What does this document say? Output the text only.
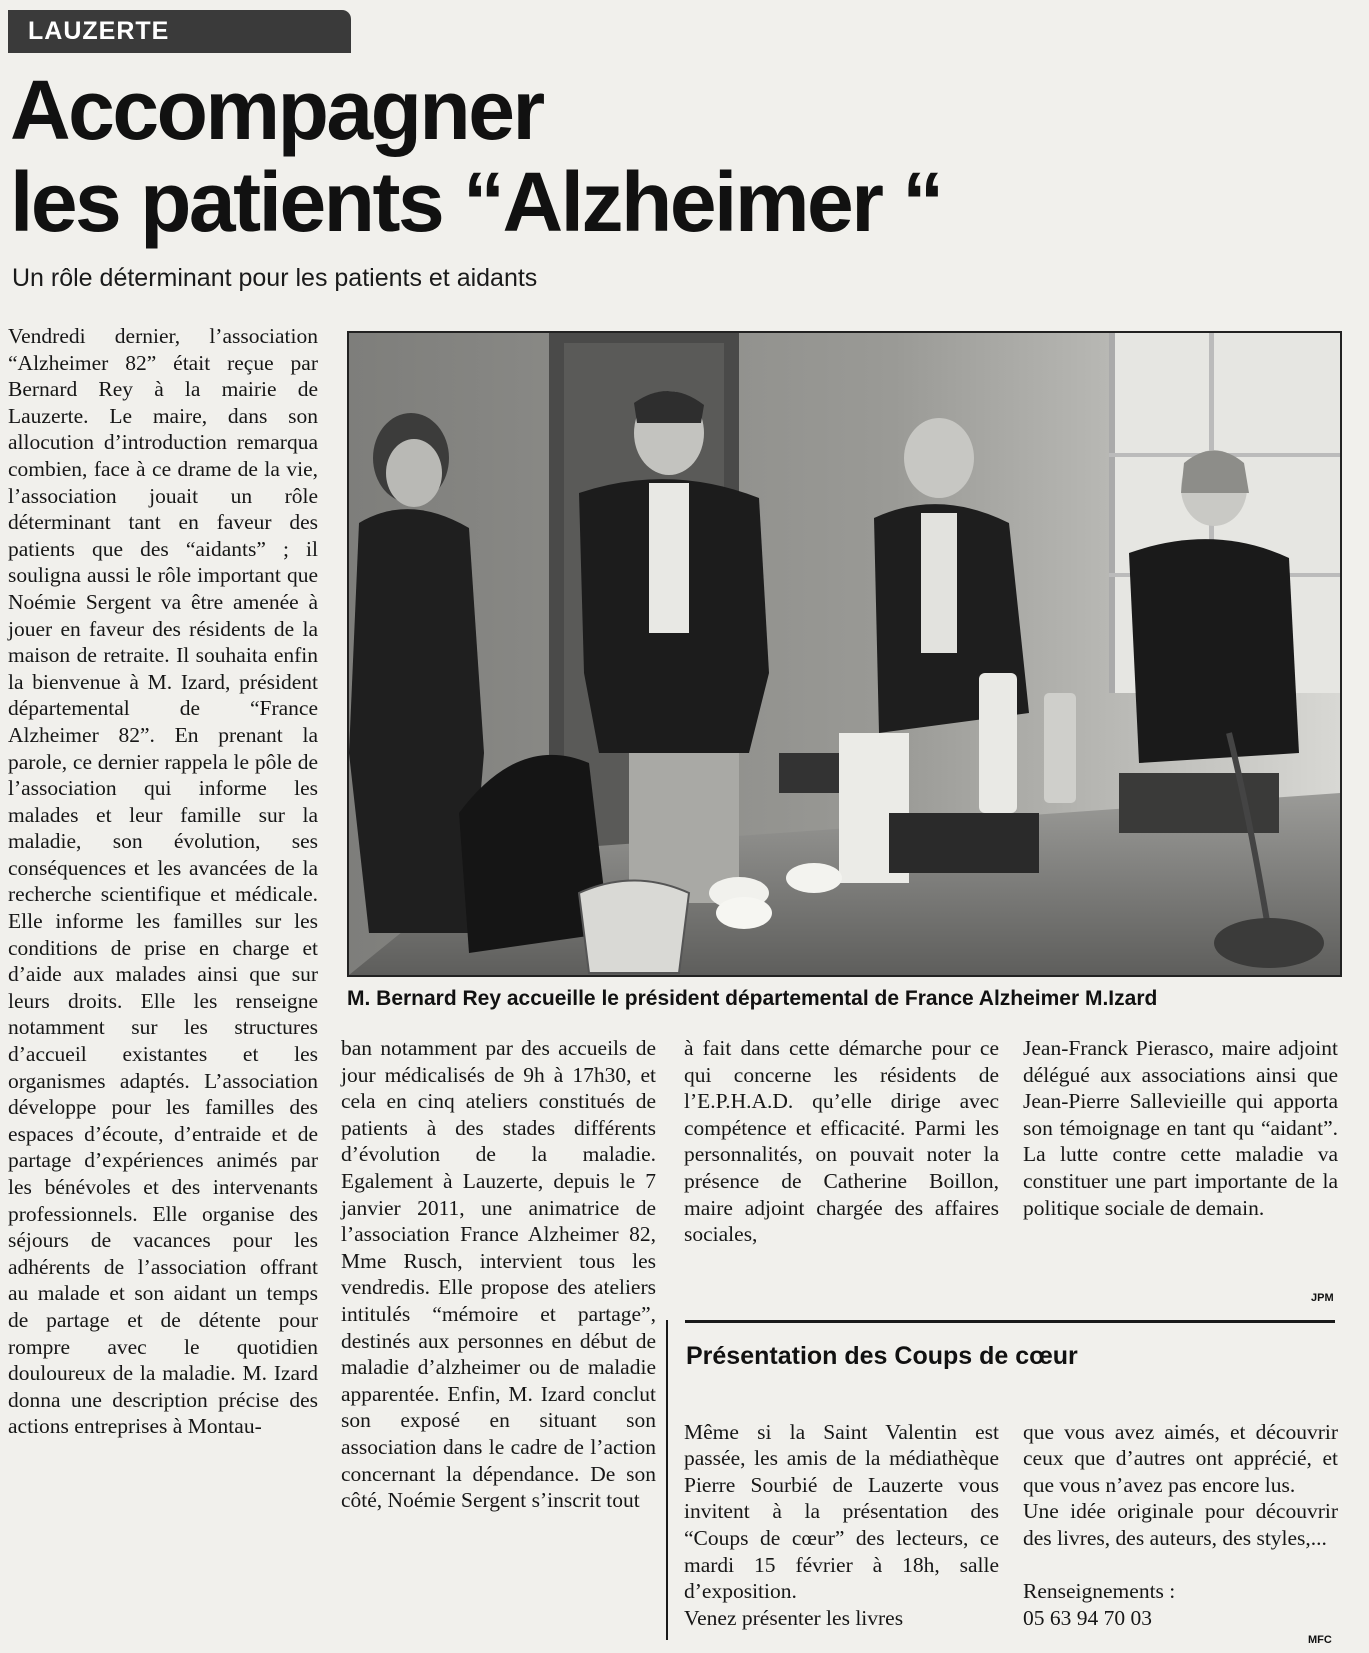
LAUZERTE
Accompagner
les patients “Alzheimer “
Un rôle déterminant pour les patients et aidants
Vendredi dernier, l’association “Alzheimer 82” était reçue par Bernard Rey à la mairie de Lauzerte. Le maire, dans son allocution d’introduction remarqua combien, face à ce drame de la vie, l’association jouait un rôle déterminant tant en faveur des patients que des “aidants” ; il souligna aussi le rôle important que Noémie Sergent va être amenée à jouer en faveur des résidents de la maison de retraite. Il souhaita enfin la bienvenue à M. Izard, président départemental de “France Alzheimer 82”. En prenant la parole, ce dernier rappela le pôle de l’association qui informe les malades et leur famille sur la maladie, son évolution, ses conséquences et les avancées de la recherche scientifique et médicale. Elle informe les familles sur les conditions de prise en charge et d’aide aux malades ainsi que sur leurs droits. Elle les renseigne notamment sur les structures d’accueil existantes et les organismes adaptés. L’association développe pour les familles des espaces d’écoute, d’entraide et de partage d’expériences animés par les bénévoles et des intervenants professionnels. Elle organise des séjours de vacances pour les adhérents de l’association offrant au malade et son aidant un temps de partage et de détente pour rompre avec le quotidien douloureux de la maladie. M. Izard donna une description précise des actions entreprises à Montau-
M. Bernard Rey accueille le président départemental de France Alzheimer M.Izard
ban notamment par des accueils de jour médicalisés de 9h à 17h30, et cela en cinq ateliers constitués de patients à des stades différents d’évolution de la maladie. Egalement à Lauzerte, depuis le 7 janvier 2011, une animatrice de l’association France Alzheimer 82, Mme Rusch, intervient tous les vendredis. Elle propose des ateliers intitulés “mémoire et partage”, destinés aux personnes en début de maladie d’alzheimer ou de maladie apparentée. Enfin, M. Izard conclut son exposé en situant son association dans le cadre de l’action concernant la dépendance. De son côté, Noémie Sergent s’inscrit tout
à fait dans cette démarche pour ce qui concerne les résidents de l’E.P.H.A.D. qu’elle dirige avec compétence et efficacité. Parmi les personnalités, on pouvait noter la présence de Catherine Boillon, maire adjoint chargée des affaires sociales,
Jean-Franck Pierasco, maire adjoint délégué aux associations ainsi que Jean-Pierre Sallevieille qui apporta son témoignage en tant qu “aidant”. La lutte contre cette maladie va constituer une part importante de la politique sociale de demain.
JPM
Présentation des Coups de cœur

Même si la Saint Valentin est passée, les amis de la médiathèque Pierre Sourbié de Lauzerte vous invitent à la présentation des “Coups de cœur” des lecteurs, ce mardi 15 février à 18h, salle d’exposition.
Venez présenter les livres

que vous avez aimés, et découvrir ceux que d’autres ont apprécié, et que vous n’avez pas encore lus.
Une idée originale pour découvrir des livres, des auteurs, des styles,...

Renseignements :
05 63 94 70 03

MFC
